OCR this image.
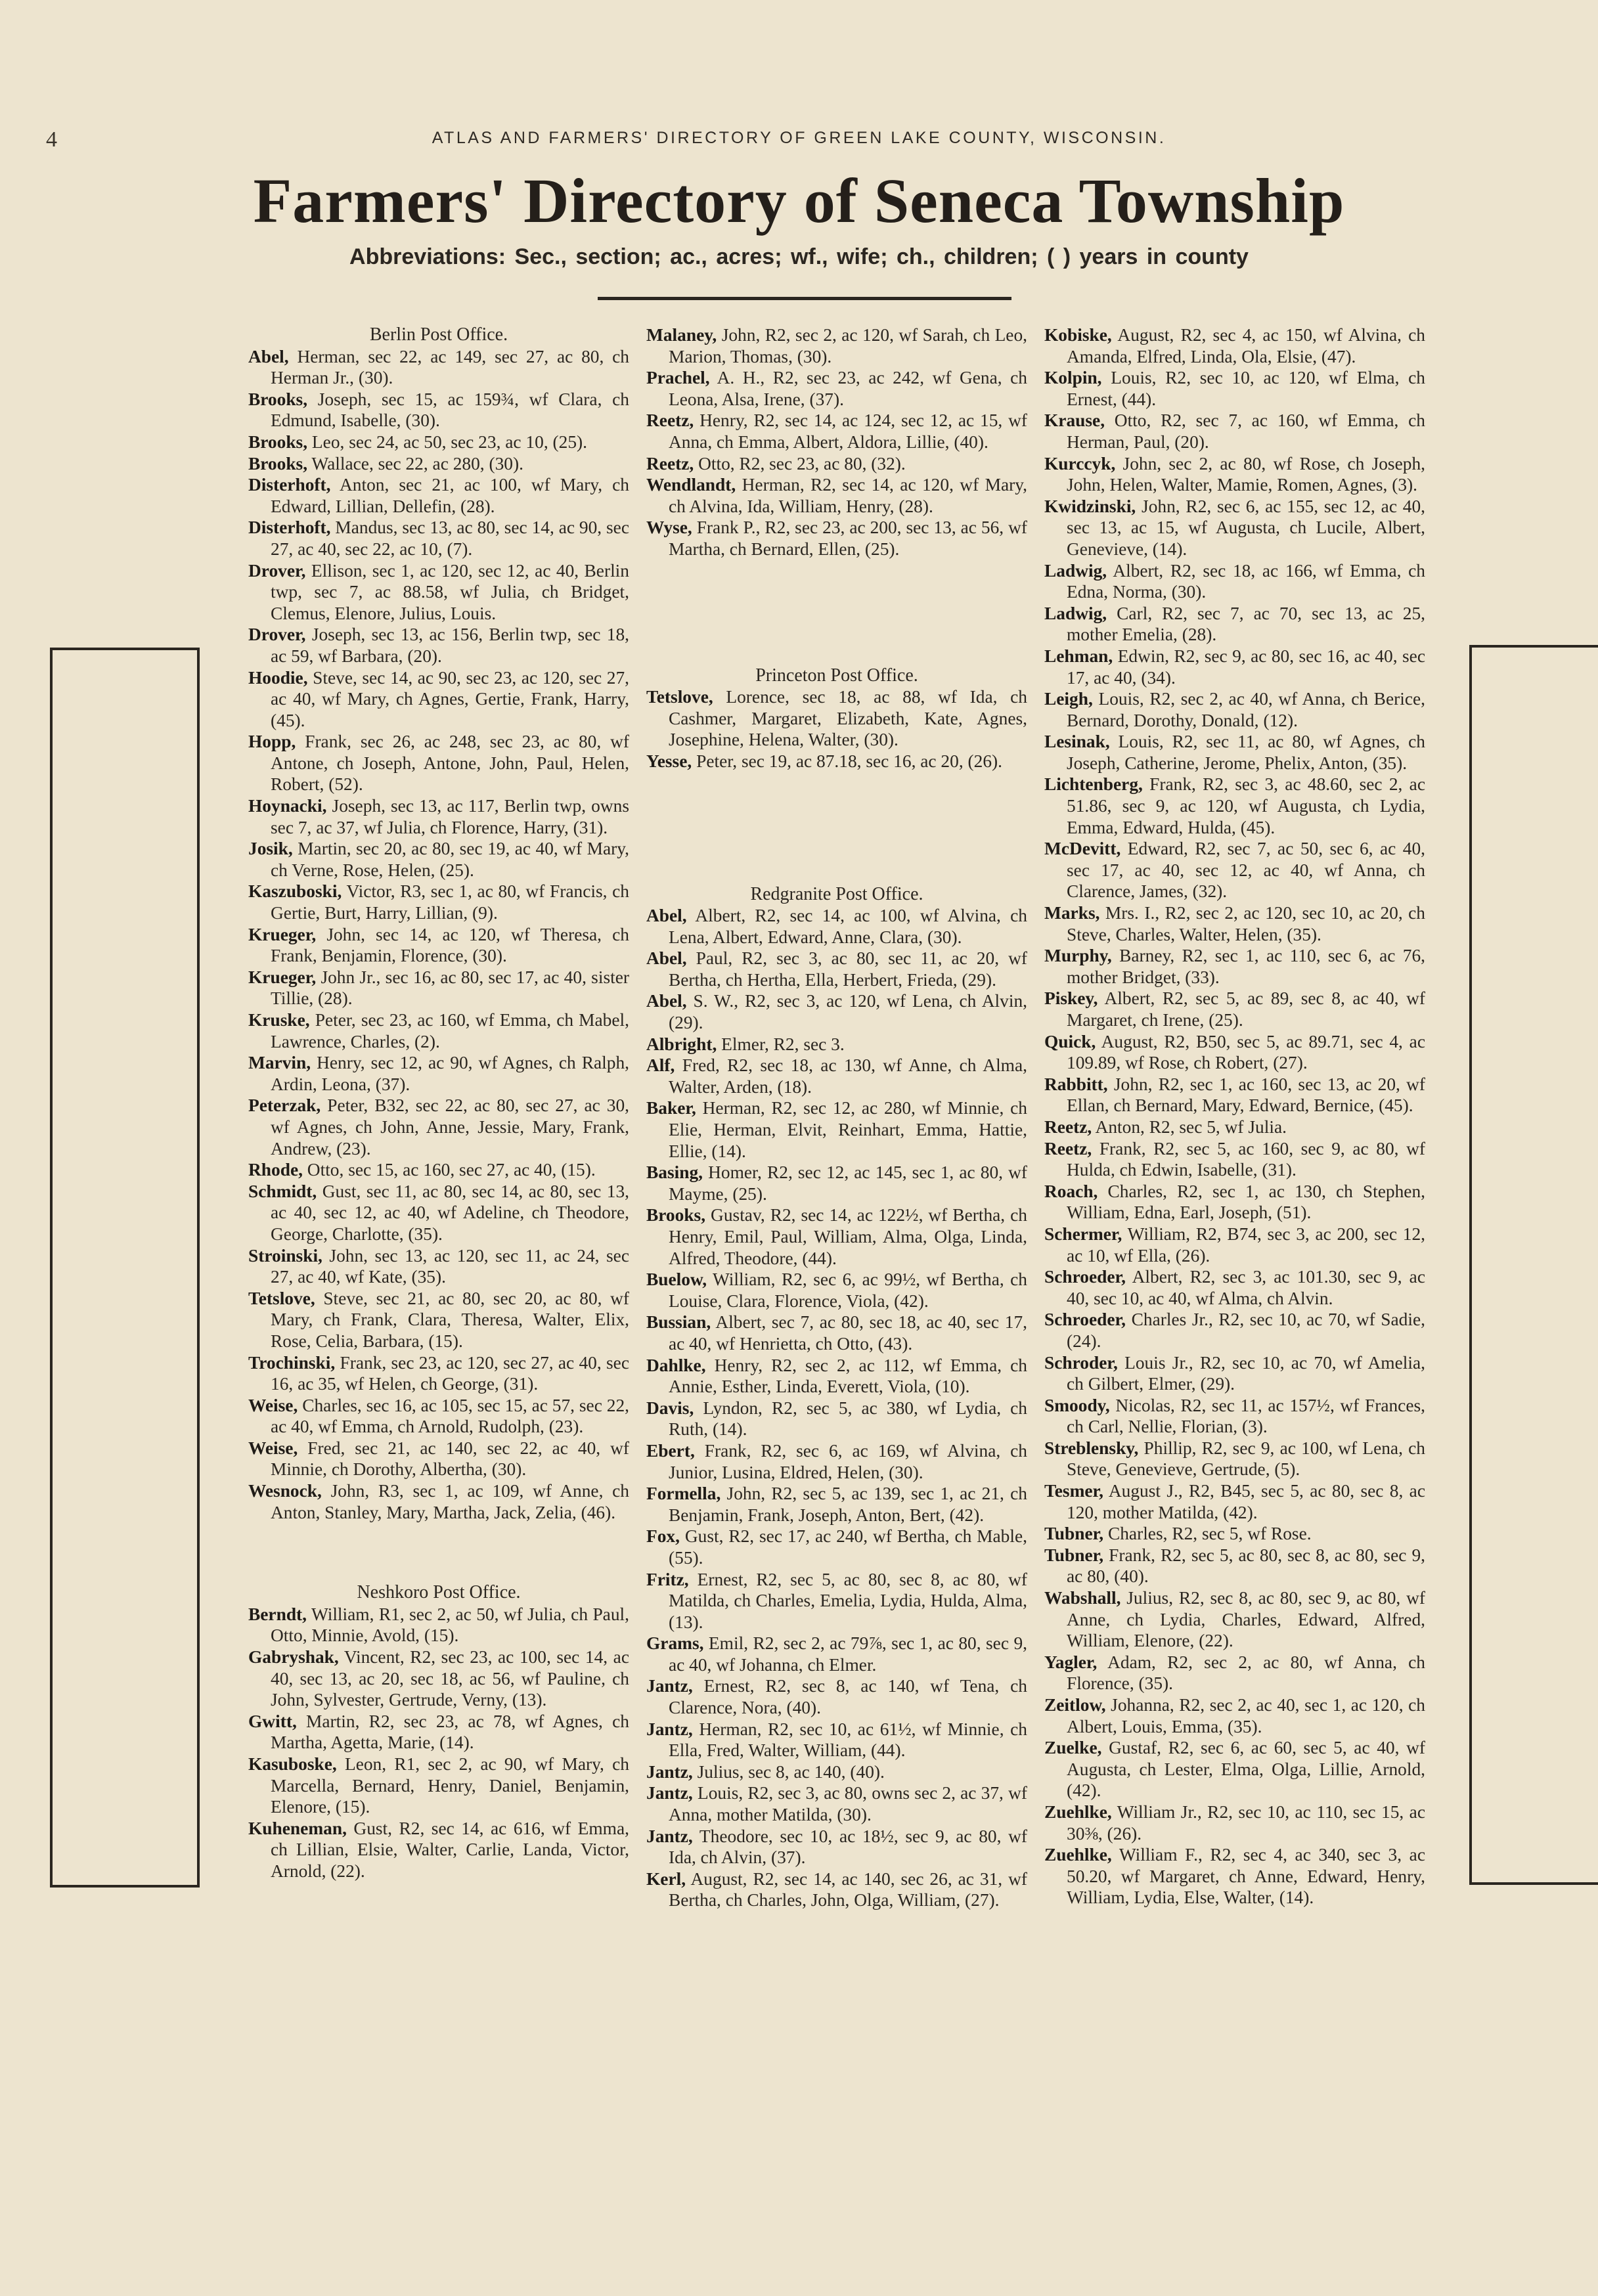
4	ATLAS AND FARMERS' DIRECTORY OF GREEN LAKE COUNTY, WISCONSIN.
Farmers' Directory of Seneca Township
Abbreviations: Sec., section; ac., acres; wf., wife; ch., children; ( ) years in county

Berlin Post Office.

Abel, Herman, sec 22, ac 149, sec 27, ac 80, ch Herman Jr., (30).

Brooks, Joseph, sec 15, ac 159¾, wf Clara, ch Edmund, Isabelle, (30).

Brooks, Leo, sec 24, ac 50, sec 23, ac 10, (25).

Brooks, Wallace, sec 22, ac 280, (30).

Disterhoft, Anton, sec 21, ac 100, wf Mary, ch Edward, Lillian, Dellefin, (28).

Disterhoft, Mandus, sec 13, ac 80, sec 14, ac 90, sec 27, ac 40, sec 22, ac 10, (7).

Drover, Ellison, sec 1, ac 120, sec 12, ac 40, Berlin twp, sec 7, ac 88.58, wf Julia, ch Bridget, Clemus, Elenore, Julius, Louis.

Drover, Joseph, sec 13, ac 156, Berlin twp, sec 18, ac 59, wf Barbara, (20).

Hoodie, Steve, sec 14, ac 90, sec 23, ac 120, sec 27, ac 40, wf Mary, ch Agnes, Gertie, Frank, Harry, (45).

Hopp, Frank, sec 26, ac 248, sec 23, ac 80, wf Antone, ch Joseph, Antone, John, Paul, Helen, Robert, (52).

Hoynacki, Joseph, sec 13, ac 117, Berlin twp, owns sec 7, ac 37, wf Julia, ch Florence, Harry, (31).

Josik, Martin, sec 20, ac 80, sec 19, ac 40, wf Mary, ch Verne, Rose, Helen, (25).

Kaszuboski, Victor, R3, sec 1, ac 80, wf Francis, ch Gertie, Burt, Harry, Lillian, (9).

Krueger, John, sec 14, ac 120, wf Theresa, ch Frank, Benjamin, Florence, (30).

Krueger, John Jr., sec 16, ac 80, sec 17, ac 40, sister Tillie, (28).

Kruske, Peter, sec 23, ac 160, wf Emma, ch Mabel, Lawrence, Charles, (2).

Marvin, Henry, sec 12, ac 90, wf Agnes, ch Ralph, Ardin, Leona, (37).

Peterzak, Peter, B32, sec 22, ac 80, sec 27, ac 30, wf Agnes, ch John, Anne, Jessie, Mary, Frank, Andrew, (23).

Rhode, Otto, sec 15, ac 160, sec 27, ac 40, (15).

Schmidt, Gust, sec 11, ac 80, sec 14, ac 80, sec 13, ac 40, sec 12, ac 40, wf Adeline, ch Theodore, George, Charlotte, (35).

Stroinski, John, sec 13, ac 120, sec 11, ac 24, sec 27, ac 40, wf Kate, (35).

Tetslove, Steve, sec 21, ac 80, sec 20, ac 80, wf Mary, ch Frank, Clara, Theresa, Walter, Elix, Rose, Celia, Barbara, (15).

Trochinski, Frank, sec 23, ac 120, sec 27, ac 40, sec 16, ac 35, wf Helen, ch George, (31).

Weise, Charles, sec 16, ac 105, sec 15, ac 57, sec 22, ac 40, wf Emma, ch Arnold, Rudolph, (23).

Weise, Fred, sec 21, ac 140, sec 22, ac 40, wf Minnie, ch Dorothy, Albertha, (30).

Wesnock, John, R3, sec 1, ac 109, wf Anne, ch Anton, Stanley, Mary, Martha, Jack, Zelia, (46).

Neshkoro Post Office.

Berndt, William, R1, sec 2, ac 50, wf Julia, ch Paul, Otto, Minnie, Avold, (15).

Gabryshak, Vincent, R2, sec 23, ac 100, sec 14, ac 40, sec 13, ac 20, sec 18, ac 56, wf Pauline, ch John, Sylvester, Gertrude, Verny, (13).

Gwitt, Martin, R2, sec 23, ac 78, wf Agnes, ch Martha, Agetta, Marie, (14).

Kasuboske, Leon, R1, sec 2, ac 90, wf Mary, ch Marcella, Bernard, Henry, Daniel, Benjamin, Elenore, (15).

Kuheneman, Gust, R2, sec 14, ac 616, wf Emma, ch Lillian, Elsie, Walter, Carlie, Landa, Victor, Arnold, (22).

Malaney, John, R2, sec 2, ac 120, wf Sarah, ch Leo, Marion, Thomas, (30).

Prachel, A. H., R2, sec 23, ac 242, wf Gena, ch Leona, Alsa, Irene, (37).

Reetz, Henry, R2, sec 14, ac 124, sec 12, ac 15, wf Anna, ch Emma, Albert, Aldora, Lillie, (40).

Reetz, Otto, R2, sec 23, ac 80, (32).

Wendlandt, Herman, R2, sec 14, ac 120, wf Mary, ch Alvina, Ida, William, Henry, (28).

Wyse, Frank P., R2, sec 23, ac 200, sec 13, ac 56, wf Martha, ch Bernard, Ellen, (25).

Princeton Post Office.

Tetslove, Lorence, sec 18, ac 88, wf Ida, ch Cashmer, Margaret, Elizabeth, Kate, Agnes, Josephine, Helena, Walter, (30).

Yesse, Peter, sec 19, ac 87.18, sec 16, ac 20, (26).

Redgranite Post Office.

Abel, Albert, R2, sec 14, ac 100, wf Alvina, ch Lena, Albert, Edward, Anne, Clara, (30).

Abel, Paul, R2, sec 3, ac 80, sec 11, ac 20, wf Bertha, ch Hertha, Ella, Herbert, Frieda, (29).

Abel, S. W., R2, sec 3, ac 120, wf Lena, ch Alvin, (29).

Albright, Elmer, R2, sec 3.

Alf, Fred, R2, sec 18, ac 130, wf Anne, ch Alma, Walter, Arden, (18).

Baker, Herman, R2, sec 12, ac 280, wf Minnie, ch Elie, Herman, Elvit, Reinhart, Emma, Hattie, Ellie, (14).

Basing, Homer, R2, sec 12, ac 145, sec 1, ac 80, wf Mayme, (25).

Brooks, Gustav, R2, sec 14, ac 122½, wf Bertha, ch Henry, Emil, Paul, William, Alma, Olga, Linda, Alfred, Theodore, (44).

Buelow, William, R2, sec 6, ac 99½, wf Bertha, ch Louise, Clara, Florence, Viola, (42).

Bussian, Albert, sec 7, ac 80, sec 18, ac 40, sec 17, ac 40, wf Henrietta, ch Otto, (43).

Dahlke, Henry, R2, sec 2, ac 112, wf Emma, ch Annie, Esther, Linda, Everett, Viola, (10).

Davis, Lyndon, R2, sec 5, ac 380, wf Lydia, ch Ruth, (14).

Ebert, Frank, R2, sec 6, ac 169, wf Alvina, ch Junior, Lusina, Eldred, Helen, (30).

Formella, John, R2, sec 5, ac 139, sec 1, ac 21, ch Benjamin, Frank, Joseph, Anton, Bert, (42).

Fox, Gust, R2, sec 17, ac 240, wf Bertha, ch Mable, (55).

Fritz, Ernest, R2, sec 5, ac 80, sec 8, ac 80, wf Matilda, ch Charles, Emelia, Lydia, Hulda, Alma, (13).

Grams, Emil, R2, sec 2, ac 79⅞, sec 1, ac 80, sec 9, ac 40, wf Johanna, ch Elmer.

Jantz, Ernest, R2, sec 8, ac 140, wf Tena, ch Clarence, Nora, (40).

Jantz, Herman, R2, sec 10, ac 61½, wf Minnie, ch Ella, Fred, Walter, William, (44).

Jantz, Julius, sec 8, ac 140, (40).

Jantz, Louis, R2, sec 3, ac 80, owns sec 2, ac 37, wf Anna, mother Matilda, (30).

Jantz, Theodore, sec 10, ac 18½, sec 9, ac 80, wf Ida, ch Alvin, (37).

Kerl, August, R2, sec 14, ac 140, sec 26, ac 31, wf Bertha, ch Charles, John, Olga, William, (27).

Kobiske, August, R2, sec 4, ac 150, wf Alvina, ch Amanda, Elfred, Linda, Ola, Elsie, (47).

Kolpin, Louis, R2, sec 10, ac 120, wf Elma, ch Ernest, (44).

Krause, Otto, R2, sec 7, ac 160, wf Emma, ch Herman, Paul, (20).

Kurccyk, John, sec 2, ac 80, wf Rose, ch Joseph, John, Helen, Walter, Mamie, Romen, Agnes, (3).

Kwidzinski, John, R2, sec 6, ac 155, sec 12, ac 40, sec 13, ac 15, wf Augusta, ch Lucile, Albert, Genevieve, (14).

Ladwig, Albert, R2, sec 18, ac 166, wf Emma, ch Edna, Norma, (30).

Ladwig, Carl, R2, sec 7, ac 70, sec 13, ac 25, mother Emelia, (28).

Lehman, Edwin, R2, sec 9, ac 80, sec 16, ac 40, sec 17, ac 40, (34).

Leigh, Louis, R2, sec 2, ac 40, wf Anna, ch Berice, Bernard, Dorothy, Donald, (12).

Lesinak, Louis, R2, sec 11, ac 80, wf Agnes, ch Joseph, Catherine, Jerome, Phelix, Anton, (35).

Lichtenberg, Frank, R2, sec 3, ac 48.60, sec 2, ac 51.86, sec 9, ac 120, wf Augusta, ch Lydia, Emma, Edward, Hulda, (45).

McDevitt, Edward, R2, sec 7, ac 50, sec 6, ac 40, sec 17, ac 40, sec 12, ac 40, wf Anna, ch Clarence, James, (32).

Marks, Mrs. I., R2, sec 2, ac 120, sec 10, ac 20, ch Steve, Charles, Walter, Helen, (35).

Murphy, Barney, R2, sec 1, ac 110, sec 6, ac 76, mother Bridget, (33).

Piskey, Albert, R2, sec 5, ac 89, sec 8, ac 40, wf Margaret, ch Irene, (25).

Quick, August, R2, B50, sec 5, ac 89.71, sec 4, ac 109.89, wf Rose, ch Robert, (27).

Rabbitt, John, R2, sec 1, ac 160, sec 13, ac 20, wf Ellan, ch Bernard, Mary, Edward, Bernice, (45).

Reetz, Anton, R2, sec 5, wf Julia.

Reetz, Frank, R2, sec 5, ac 160, sec 9, ac 80, wf Hulda, ch Edwin, Isabelle, (31).

Roach, Charles, R2, sec 1, ac 130, ch Stephen, William, Edna, Earl, Joseph, (51).

Schermer, William, R2, B74, sec 3, ac 200, sec 12, ac 10, wf Ella, (26).

Schroeder, Albert, R2, sec 3, ac 101.30, sec 9, ac 40, sec 10, ac 40, wf Alma, ch Alvin.

Schroeder, Charles Jr., R2, sec 10, ac 70, wf Sadie, (24).

Schroder, Louis Jr., R2, sec 10, ac 70, wf Amelia, ch Gilbert, Elmer, (29).

Smoody, Nicolas, R2, sec 11, ac 157½, wf Frances, ch Carl, Nellie, Florian, (3).

Streblensky, Phillip, R2, sec 9, ac 100, wf Lena, ch Steve, Genevieve, Gertrude, (5).

Tesmer, August J., R2, B45, sec 5, ac 80, sec 8, ac 120, mother Matilda, (42).

Tubner, Charles, R2, sec 5, wf Rose.

Tubner, Frank, R2, sec 5, ac 80, sec 8, ac 80, sec 9, ac 80, (40).

Wabshall, Julius, R2, sec 8, ac 80, sec 9, ac 80, wf Anne, ch Lydia, Charles, Edward, Alfred, William, Elenore, (22).

Yagler, Adam, R2, sec 2, ac 80, wf Anna, ch Florence, (35).

Zeitlow, Johanna, R2, sec 2, ac 40, sec 1, ac 120, ch Albert, Louis, Emma, (35).

Zuelke, Gustaf, R2, sec 6, ac 60, sec 5, ac 40, wf Augusta, ch Lester, Elma, Olga, Lillie, Arnold, (42).

Zuehlke, William Jr., R2, sec 10, ac 110, sec 15, ac 30⅜, (26).

Zuehlke, William F., R2, sec 4, ac 340, sec 3, ac 50.20, wf Margaret, ch Anne, Edward, Henry, William, Lydia, Else, Walter, (14).
